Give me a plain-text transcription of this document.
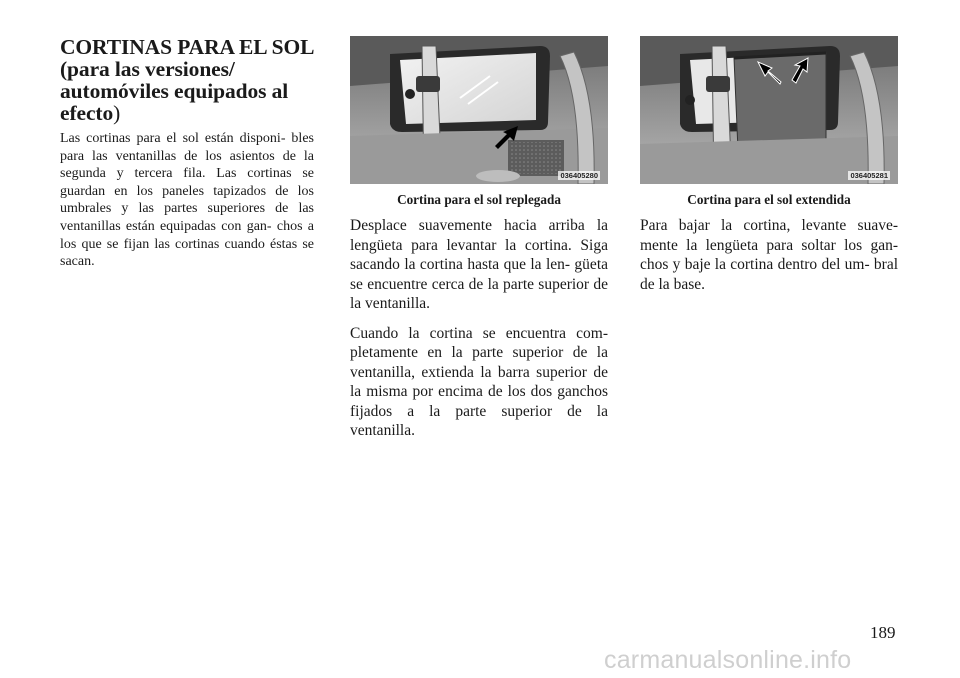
CORTINAS PARA EL SOL (para las versiones/ automóviles equipados al efecto)

Las cortinas para el sol están disponi- bles para las ventanillas de los asientos de la segunda y tercera fila. Las cortinas se guardan en los paneles tapizados de los umbrales y las partes superiores de las ventanillas están equipadas con gan- chos a los que se fijan las cortinas cuando éstas se sacan.

036405280
Cortina para el sol replegada

Desplace suavemente hacia arriba la lengüeta para levantar la cortina. Siga sacando la cortina hasta que la len- güeta se encuentre cerca de la parte superior de la ventanilla.

Cuando la cortina se encuentra com- pletamente en la parte superior de la ventanilla, extienda la barra superior de la misma por encima de los dos ganchos fijados a la parte superior de la ventanilla.

036405281
Cortina para el sol extendida

Para bajar la cortina, levante suave- mente la lengüeta para soltar los gan- chos y baje la cortina dentro del um- bral de la base.

189
carmanualsonline.info
